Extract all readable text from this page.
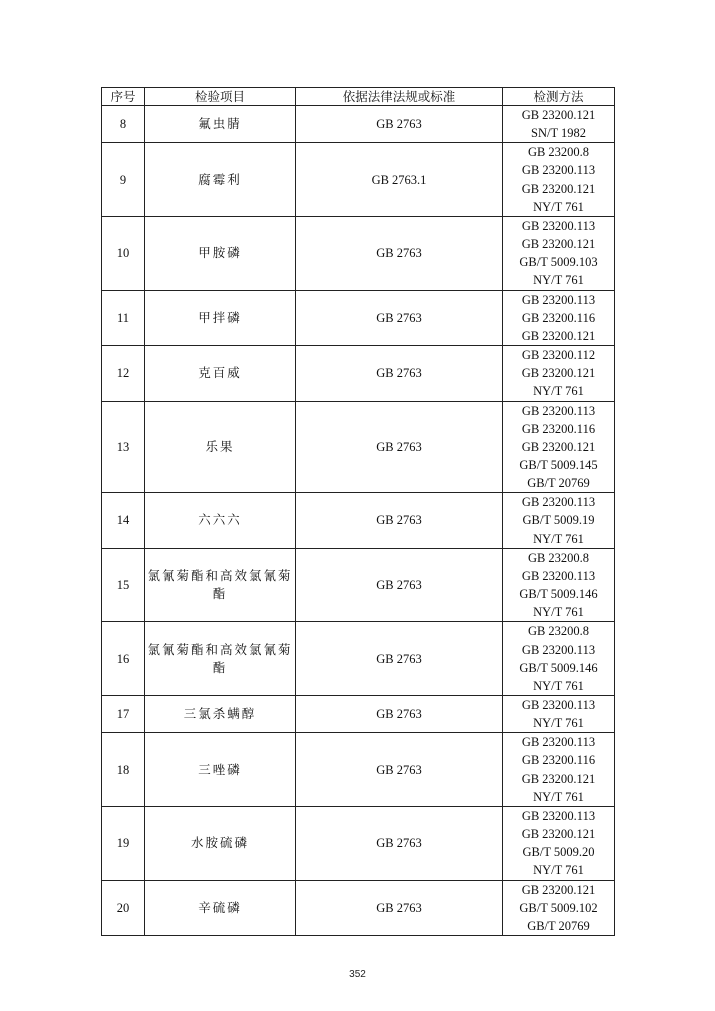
序号	检验项目	依据法律法规或标准	检测方法
8	氟虫腈	GB 2763	GB 23200.121
SN/T 1982

9	腐霉利	GB 2763.1	GB 23200.8
GB 23200.113
GB 23200.121
NY/T 761

10	甲胺磷	GB 2763	GB 23200.113
GB 23200.121
GB/T 5009.103
NY/T 761

11	甲拌磷	GB 2763	GB 23200.113
GB 23200.116
GB 23200.121

12	克百威	GB 2763	GB 23200.112
GB 23200.121
NY/T 761

13	乐果	GB 2763	GB 23200.113
GB 23200.116
GB 23200.121
GB/T 5009.145
GB/T 20769

14	六六六	GB 2763	GB 23200.113
GB/T 5009.19
NY/T 761

15	氯氰菊酯和高效氯氰菊酯	GB 2763	GB 23200.8
GB 23200.113
GB/T 5009.146
NY/T 761

16	氯氰菊酯和高效氯氰菊酯	GB 2763	GB 23200.8
GB 23200.113
GB/T 5009.146
NY/T 761

17	三氯杀螨醇	GB 2763	GB 23200.113
NY/T 761

18	三唑磷	GB 2763	GB 23200.113
GB 23200.116
GB 23200.121
NY/T 761

19	水胺硫磷	GB 2763	GB 23200.113
GB 23200.121
GB/T 5009.20
NY/T 761

20	辛硫磷	GB 2763	GB 23200.121
GB/T 5009.102
GB/T 20769
352
